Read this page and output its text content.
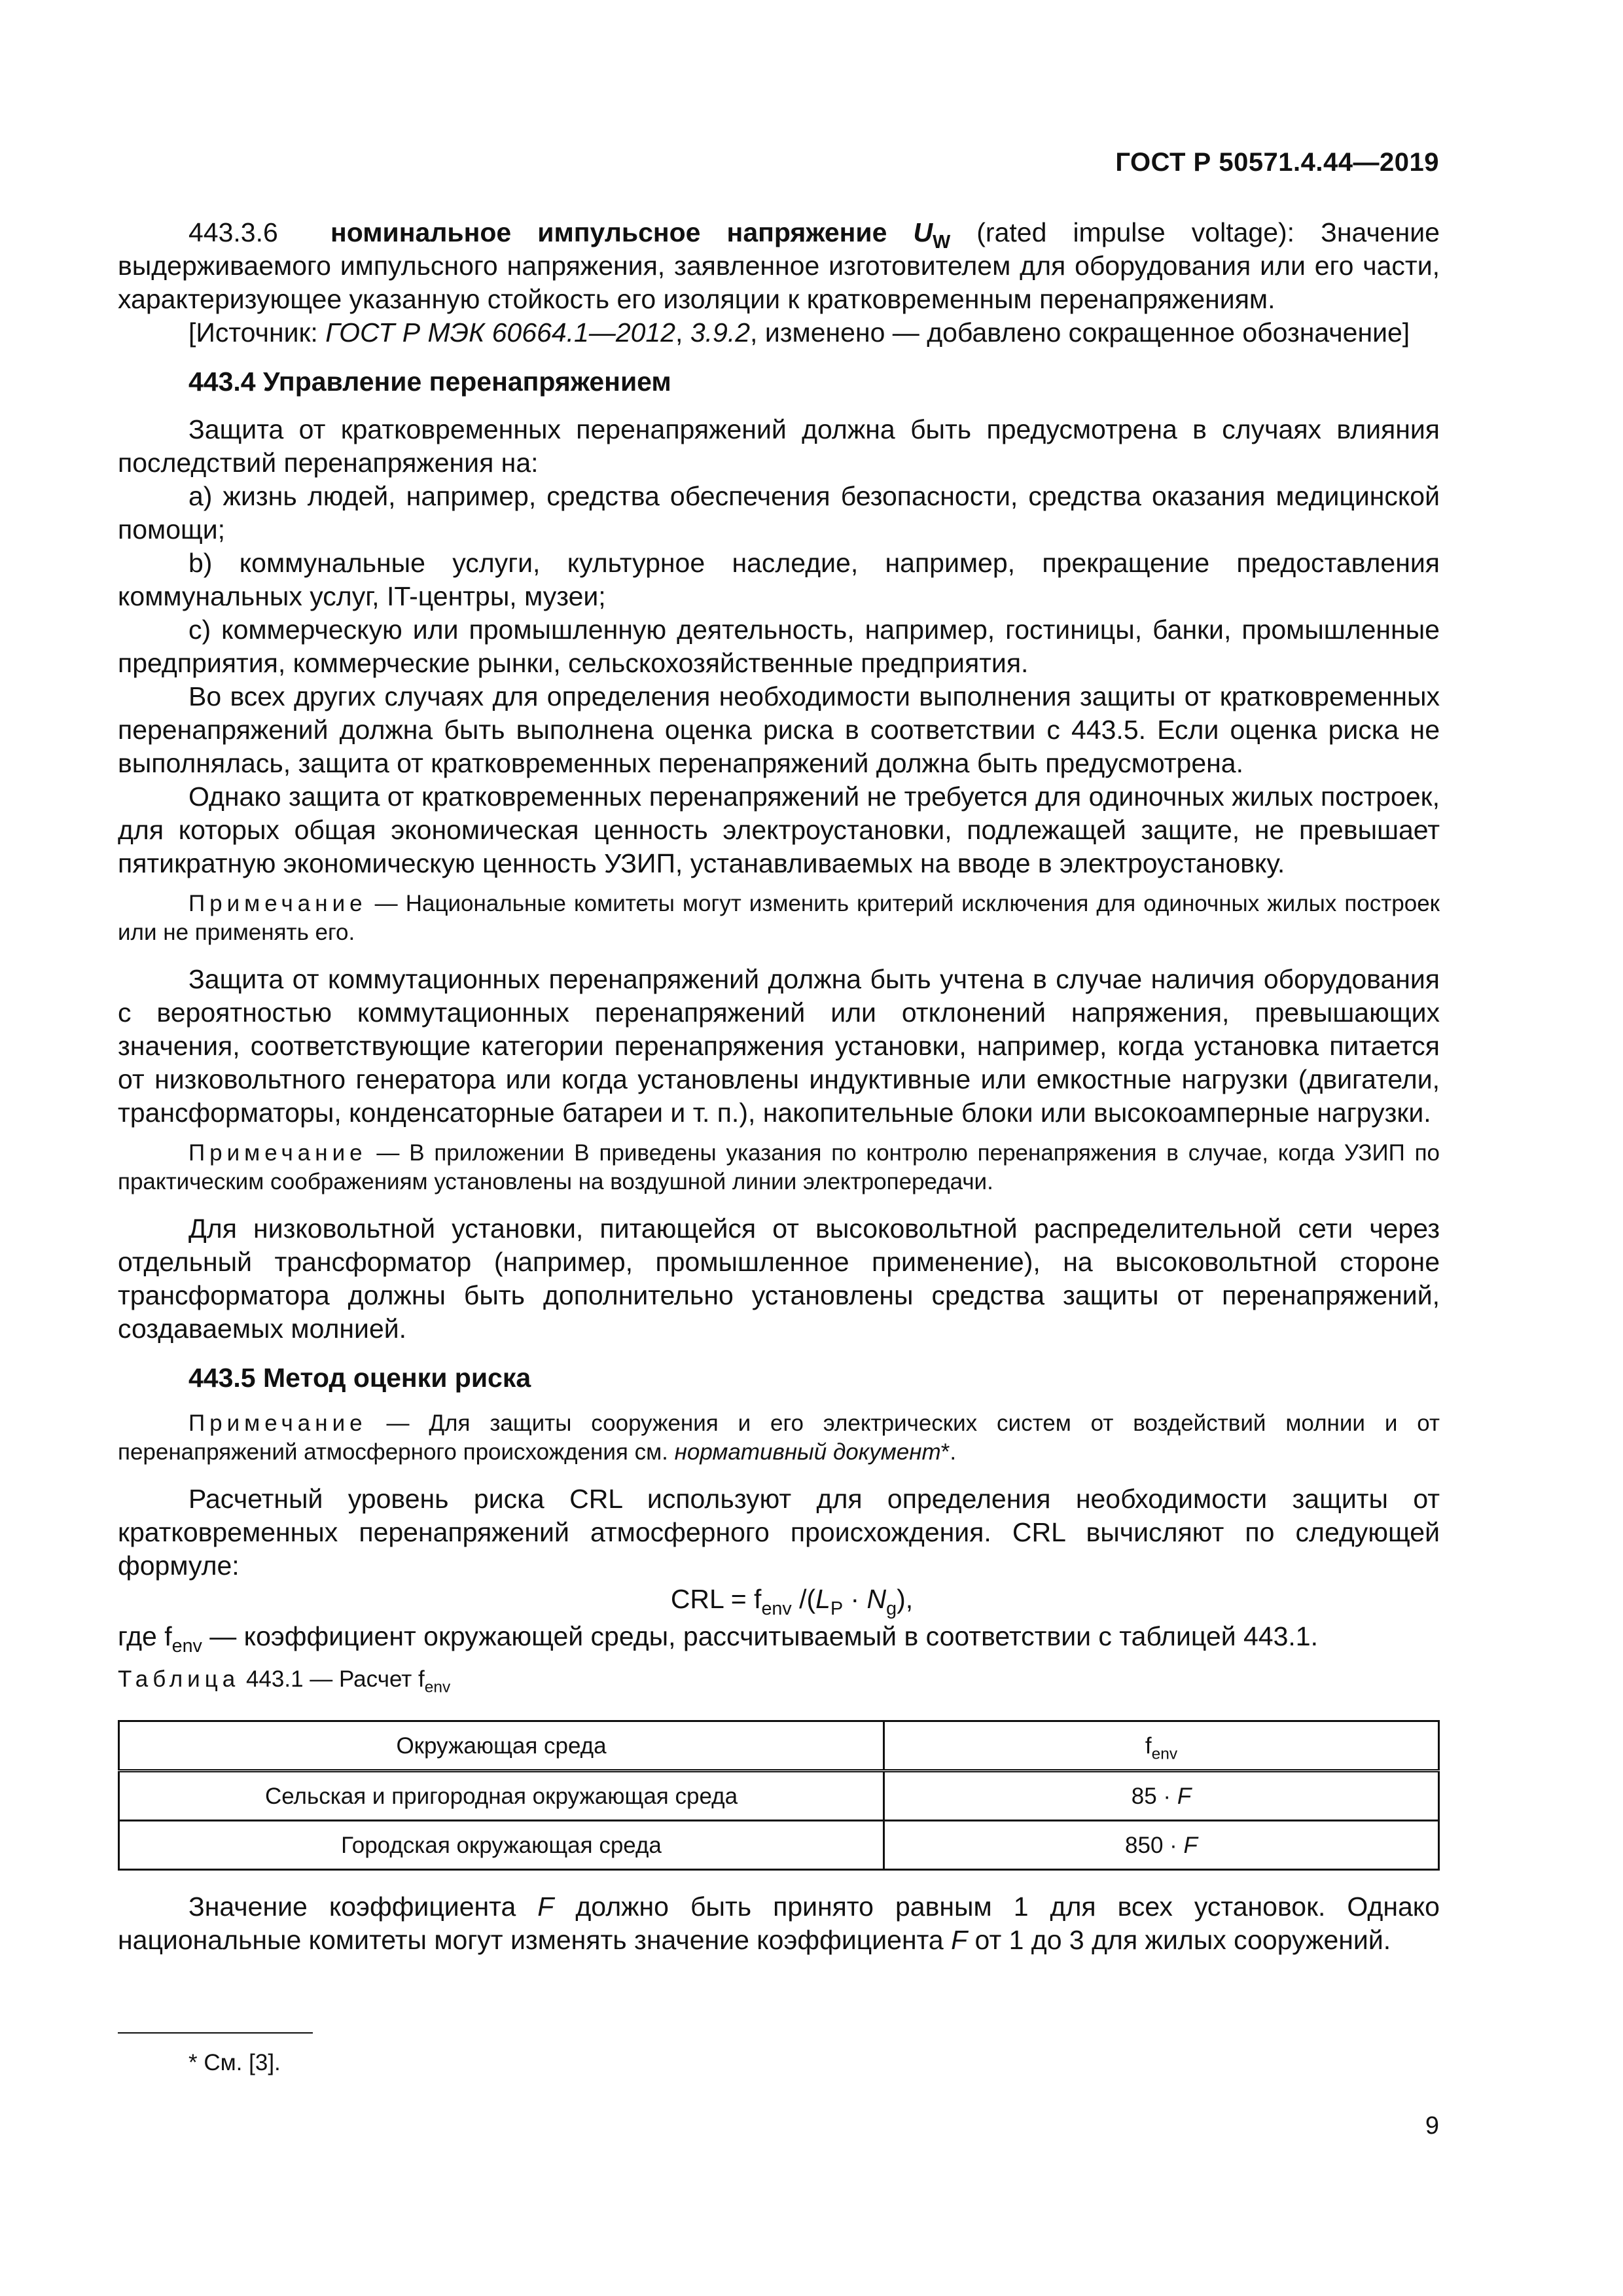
ГОСТ Р 50571.4.44—2019

443.3.6 номинальное импульсное напряжение $U_W$ (rated impulse voltage): Значение выдерживаемого импульсного напряжения, заявленное изготовителем для оборудования или его части, характеризующее указанную стойкость его изоляции к кратковременным перенапряжениям.

[Источник: ГОСТ Р МЭК 60664.1—2012, 3.9.2, изменено — добавлено сокращенное обозначение]

443.4 Управление перенапряжением

Защита от кратковременных перенапряжений должна быть предусмотрена в случаях влияния последствий перенапряжения на:

a) жизнь людей, например, средства обеспечения безопасности, средства оказания медицинской помощи;

b) коммунальные услуги, культурное наследие, например, прекращение предоставления коммунальных услуг, IT-центры, музеи;

c) коммерческую или промышленную деятельность, например, гостиницы, банки, промышленные предприятия, коммерческие рынки, сельскохозяйственные предприятия.

Во всех других случаях для определения необходимости выполнения защиты от кратковременных перенапряжений должна быть выполнена оценка риска в соответствии с 443.5. Если оценка риска не выполнялась, защита от кратковременных перенапряжений должна быть предусмотрена.

Однако защита от кратковременных перенапряжений не требуется для одиночных жилых построек, для которых общая экономическая ценность электроустановки, подлежащей защите, не превышает пятикратную экономическую ценность УЗИП, устанавливаемых на вводе в электроустановку.

Примечание — Национальные комитеты могут изменить критерий исключения для одиночных жилых построек или не применять его.

Защита от коммутационных перенапряжений должна быть учтена в случае наличия оборудования с вероятностью коммутационных перенапряжений или отклонений напряжения, превышающих значения, соответствующие категории перенапряжения установки, например, когда установка питается от низковольтного генератора или когда установлены индуктивные или емкостные нагрузки (двигатели, трансформаторы, конденсаторные батареи и т. п.), накопительные блоки или высокоамперные нагрузки.

Примечание — В приложении В приведены указания по контролю перенапряжения в случае, когда УЗИП по практическим соображениям установлены на воздушной линии электропередачи.

Для низковольтной установки, питающейся от высоковольтной распределительной сети через отдельный трансформатор (например, промышленное применение), на высоковольтной стороне трансформатора должны быть дополнительно установлены средства защиты от перенапряжений, создаваемых молнией.

443.5 Метод оценки риска

Примечание — Для защиты сооружения и его электрических систем от воздействий молнии и от перенапряжений атмосферного происхождения см. нормативный документ*.

Расчетный уровень риска CRL используют для определения необходимости защиты от кратковременных перенапряжений атмосферного происхождения. CRL вычисляют по следующей формуле:

CRL = $f_{env}$ $/(L_P \cdot N_g)$,

где $f_{env}$ — коэффициент окружающей среды, рассчитываемый в соответствии с таблицей 443.1.

Таблица 443.1 — Расчет $f_{env}$

Окружающая среда	$f_{env}$
Сельская и пригородная окружающая среда	85 · F
Городская окружающая среда	850 · F

Значение коэффициента F должно быть принято равным 1 для всех установок. Однако национальные комитеты могут изменять значение коэффициента F от 1 до 3 для жилых сооружений.

* См. [3].
9
